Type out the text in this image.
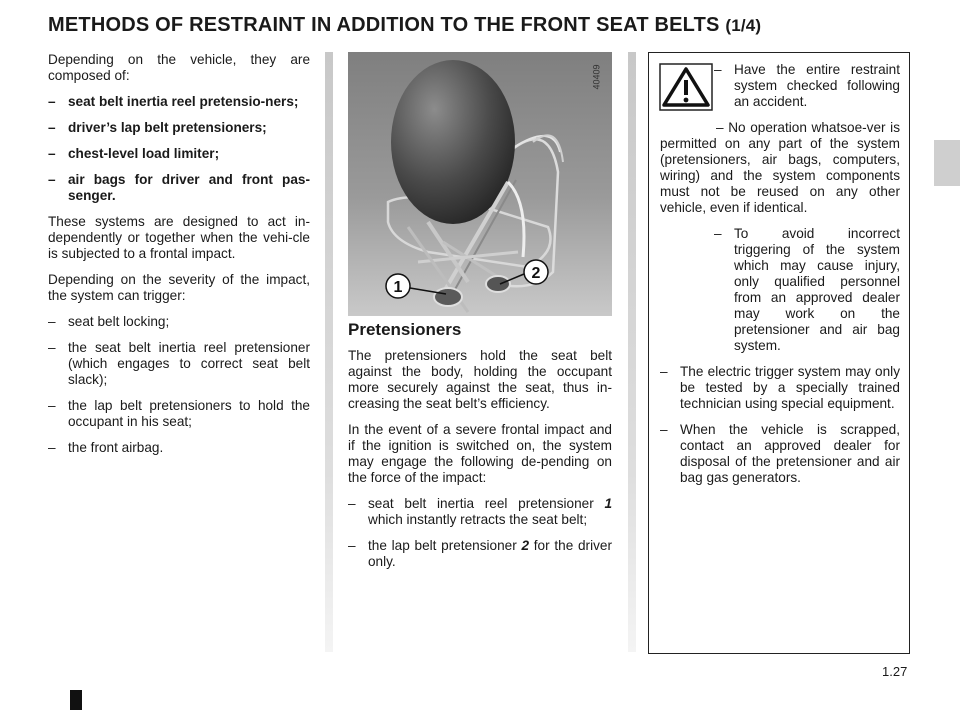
METHODS OF RESTRAINT IN ADDITION TO THE FRONT SEAT BELTS (1/4)

Depending on the vehicle, they are composed of:

– seat belt inertia reel pretensio-ners;
– driver’s lap belt pretensioners;
– chest-level load limiter;
– air bags for driver and front pas-senger.

These systems are designed to act in-dependently or together when the vehi-cle is subjected to a frontal impact.

Depending on the severity of the impact, the system can trigger:

– seat belt locking;
– the seat belt inertia reel pretensioner (which engages to correct seat belt slack);
– the lap belt pretensioners to hold the occupant in his seat;
– the front airbag.
1
2
40409
Pretensioners

The pretensioners hold the seat belt against the body, holding the occupant more securely against the seat, thus in-creasing the seat belt’s efficiency.

In the event of a severe frontal impact and if the ignition is switched on, the system may engage the following de-pending on the force of the impact:

– seat belt inertia reel pretensioner 1 which instantly retracts the seat belt;
– the lap belt pretensioner 2 for the driver only.
– Have the entire restraint system checked following an accident.

– No operation whatsoe-ver is permitted on any part of the system (pretensioners, air bags, computers, wiring) and the system components must not be reused on any other vehicle, even if identical.

– To avoid incorrect triggering of the system which may cause injury, only qualified personnel from an approved dealer may work on the pretensioner and air bag system.
– The electric trigger system may only be tested by a specially trained technician using special equipment.
– When the vehicle is scrapped, contact an approved dealer for disposal of the pretensioner and air bag gas generators.
1.27
